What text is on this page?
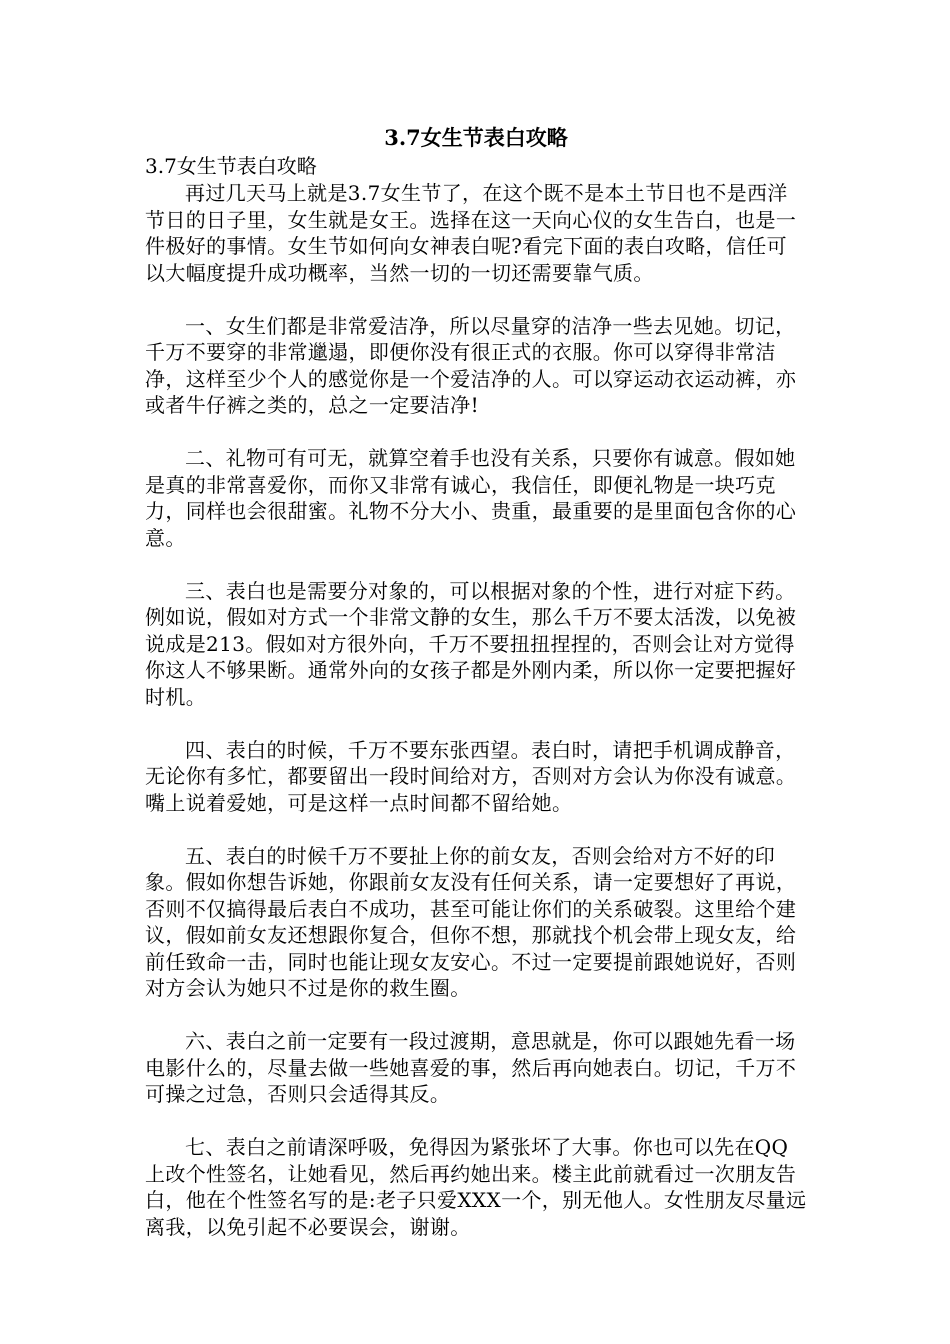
3.7女生节表白攻略

3.7女生节表白攻略

再过几天马上就是3.7女生节了，在这个既不是本土节日也不是西洋节日的日子里，女生就是女王。选择在这一天向心仪的女生告白，也是一件极好的事情。女生节如何向女神表白呢?看完下面的表白攻略，信任可以大幅度提升成功概率，当然一切的一切还需要靠气质。

一、女生们都是非常爱洁净，所以尽量穿的洁净一些去见她。切记，千万不要穿的非常邋遢，即便你没有很正式的衣服。你可以穿得非常洁净，这样至少个人的感觉你是一个爱洁净的人。可以穿运动衣运动裤，亦或者牛仔裤之类的，总之一定要洁净!

二、礼物可有可无，就算空着手也没有关系，只要你有诚意。假如她是真的非常喜爱你，而你又非常有诚心，我信任，即便礼物是一块巧克力，同样也会很甜蜜。礼物不分大小、贵重，最重要的是里面包含你的心意。

三、表白也是需要分对象的，可以根据对象的个性，进行对症下药。例如说，假如对方式一个非常文静的女生，那么千万不要太活泼，以免被说成是213。假如对方很外向，千万不要扭扭捏捏的，否则会让对方觉得你这人不够果断。通常外向的女孩子都是外刚内柔，所以你一定要把握好时机。

四、表白的时候，千万不要东张西望。表白时，请把手机调成静音，无论你有多忙，都要留出一段时间给对方，否则对方会认为你没有诚意。嘴上说着爱她，可是这样一点时间都不留给她。

五、表白的时候千万不要扯上你的前女友，否则会给对方不好的印象。假如你想告诉她，你跟前女友没有任何关系，请一定要想好了再说，否则不仅搞得最后表白不成功，甚至可能让你们的关系破裂。这里给个建议，假如前女友还想跟你复合，但你不想，那就找个机会带上现女友，给前任致命一击，同时也能让现女友安心。不过一定要提前跟她说好，否则对方会认为她只不过是你的救生圈。

六、表白之前一定要有一段过渡期，意思就是，你可以跟她先看一场电影什么的，尽量去做一些她喜爱的事，然后再向她表白。切记，千万不可操之过急，否则只会适得其反。

七、表白之前请深呼吸，免得因为紧张坏了大事。你也可以先在QQ上改个性签名，让她看见，然后再约她出来。楼主此前就看过一次朋友告白，他在个性签名写的是:老子只爱XXX一个，别无他人。女性朋友尽量远离我，以免引起不必要误会，谢谢。
